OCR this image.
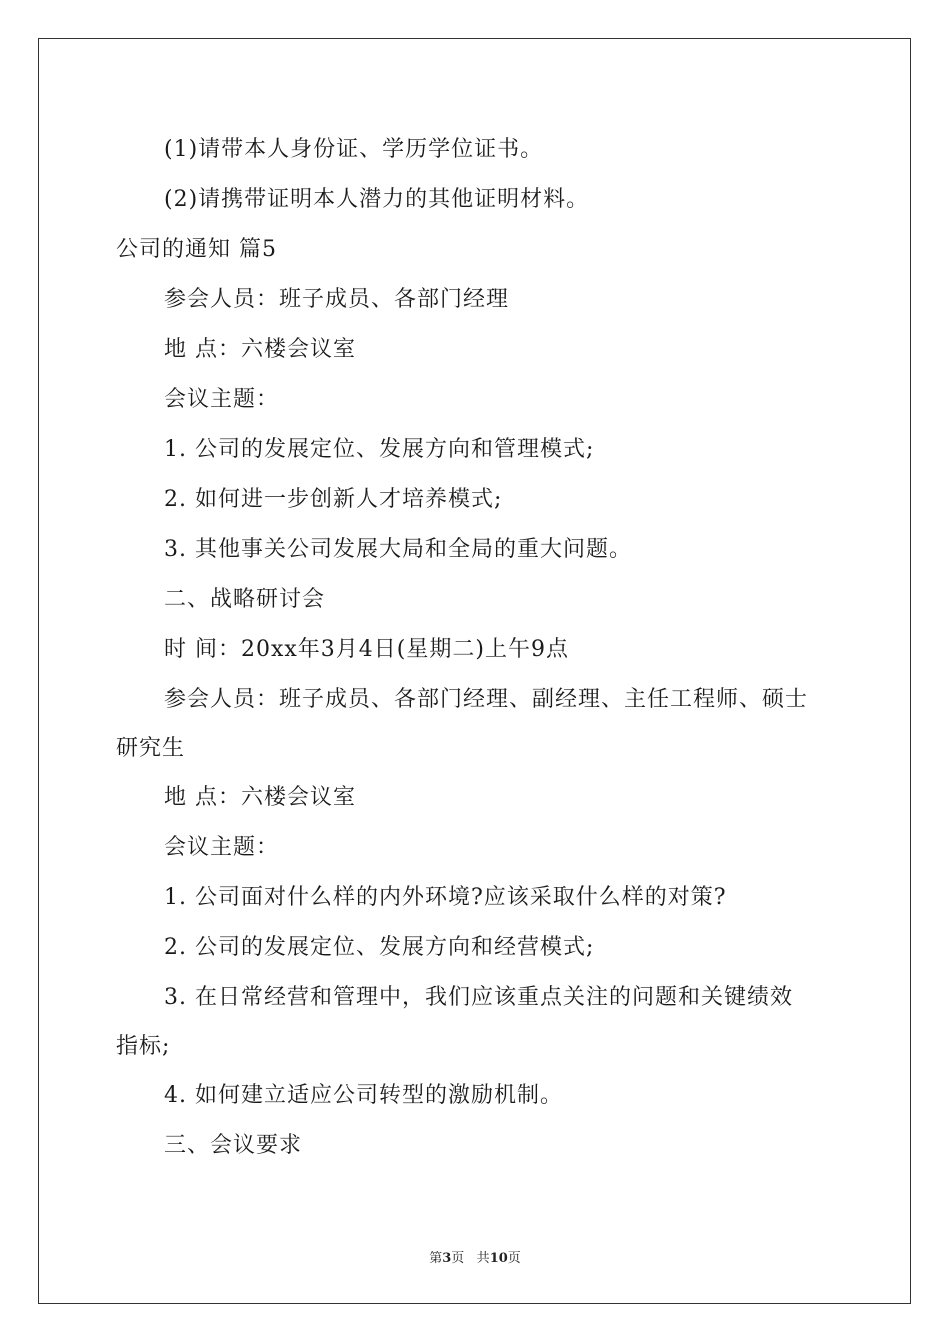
(1)请带本人身份证、学历学位证书。
(2)请携带证明本人潜力的其他证明材料。
公司的通知 篇5
参会人员：班子成员、各部门经理
地 点：六楼会议室
会议主题：
1. 公司的发展定位、发展方向和管理模式;
2. 如何进一步创新人才培养模式;
3. 其他事关公司发展大局和全局的重大问题。
二、战略研讨会
时 间：20xx年3月4日(星期二)上午9点
参会人员：班子成员、各部门经理、副经理、主任工程师、硕士
研究生
地 点：六楼会议室
会议主题：
1. 公司面对什么样的内外环境?应该采取什么样的对策?
2. 公司的发展定位、发展方向和经营模式;
3. 在日常经营和管理中，我们应该重点关注的问题和关键绩效
指标;
4. 如何建立适应公司转型的激励机制。
三、会议要求
第3页 共10页
